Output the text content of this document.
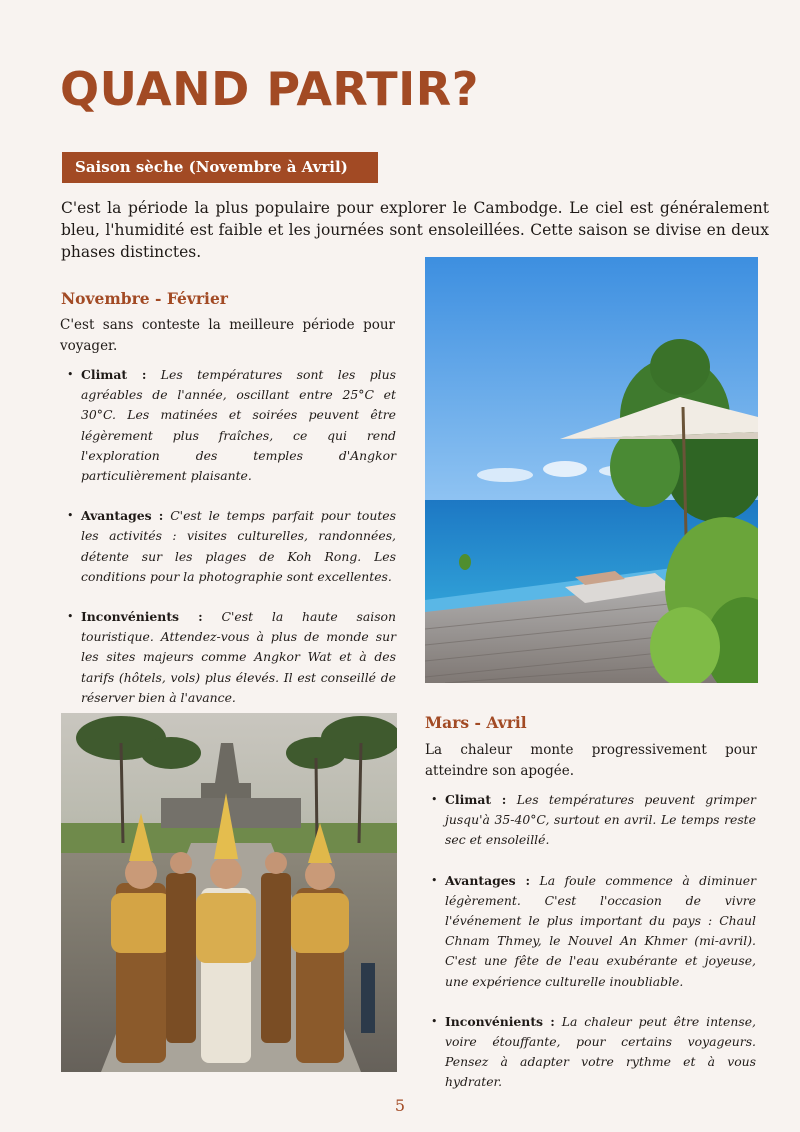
QUAND PARTIR?
Saison sèche (Novembre à Avril)

C'est la période la plus populaire pour explorer le Cambodge. Le ciel est généralement bleu, l'humidité est faible et les journées sont ensoleillées. Cette saison se divise en deux phases distinctes.

Novembre - Février

C'est sans conteste la meilleure période pour voyager.

• Climat : Les températures sont les plus agréables de l'année, oscillant entre 25°C et 30°C. Les matinées et soirées peuvent être légèrement plus fraîches, ce qui rend l'exploration des temples d'Angkor particulièrement plaisante.
• Avantages : C'est le temps parfait pour toutes les activités : visites culturelles, randonnées, détente sur les plages de Koh Rong. Les conditions pour la photographie sont excellentes.
• Inconvénients : C'est la haute saison touristique. Attendez-vous à plus de monde sur les sites majeurs comme Angkor Wat et à des tarifs (hôtels, vols) plus élevés. Il est conseillé de réserver bien à l'avance.
Mars - Avril

La chaleur monte progressivement pour atteindre son apogée.

• Climat : Les températures peuvent grimper jusqu'à 35-40°C, surtout en avril. Le temps reste sec et ensoleillé.
• Avantages : La foule commence à diminuer légèrement. C'est l'occasion de vivre l'événement le plus important du pays : Chaul Chnam Thmey, le Nouvel An Khmer (mi-avril). C'est une fête de l'eau exubérante et joyeuse, une expérience culturelle inoubliable.
• Inconvénients : La chaleur peut être intense, voire étouffante, pour certains voyageurs. Pensez à adapter votre rythme et à vous hydrater.
5
